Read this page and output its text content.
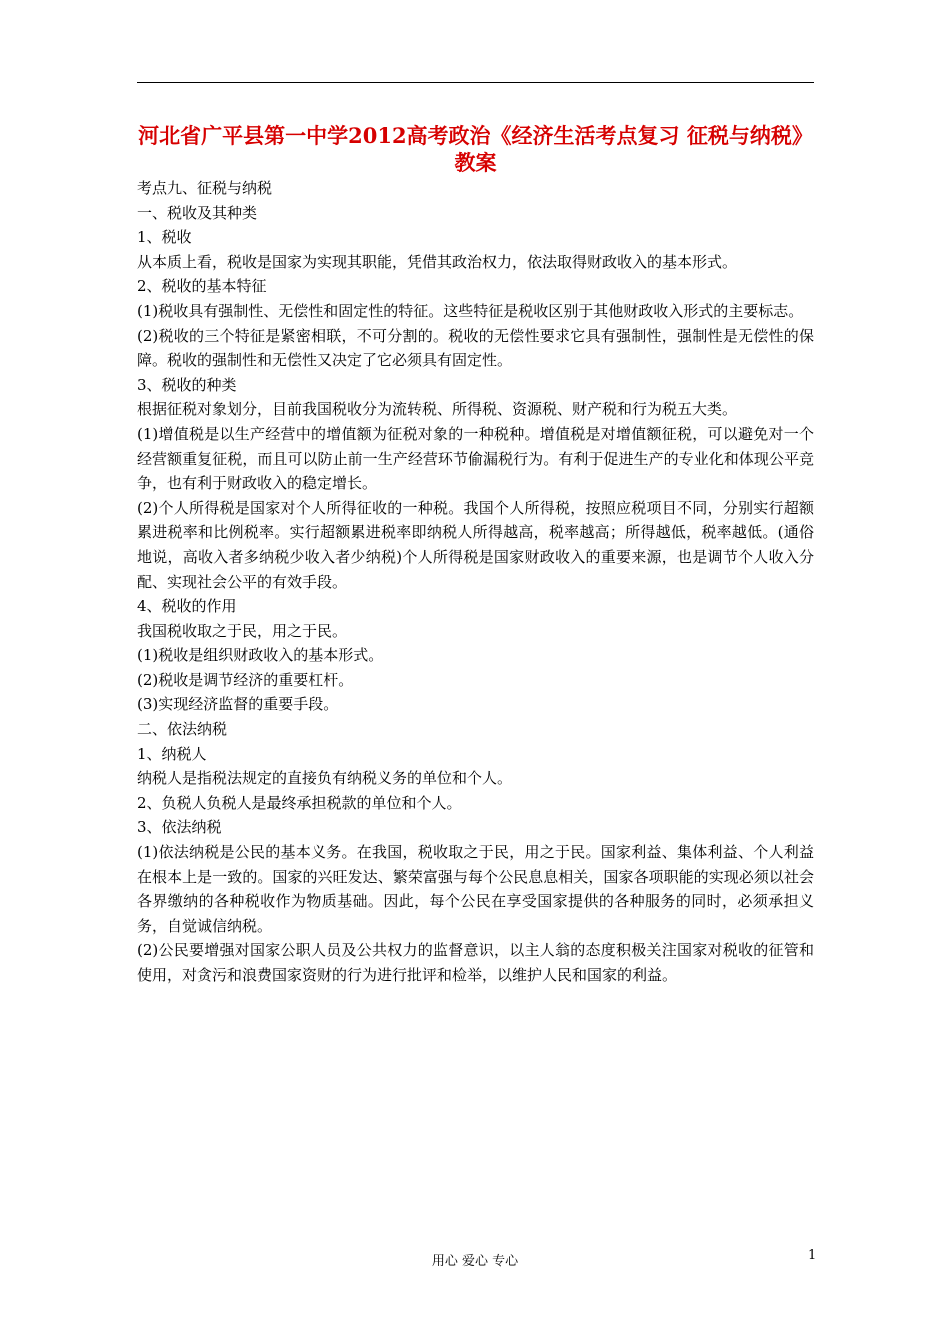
河北省广平县第一中学2012高考政治《经济生活考点复习 征税与纳税》教案

考点九、征税与纳税

一、税收及其种类

1、税收

从本质上看，税收是国家为实现其职能，凭借其政治权力，依法取得财政收入的基本形式。

2、税收的基本特征

(1)税收具有强制性、无偿性和固定性的特征。这些特征是税收区别于其他财政收入形式的主要标志。

(2)税收的三个特征是紧密相联，不可分割的。税收的无偿性要求它具有强制性，强制性是无偿性的保障。税收的强制性和无偿性又决定了它必须具有固定性。

3、税收的种类

根据征税对象划分，目前我国税收分为流转税、所得税、资源税、财产税和行为税五大类。

(1)增值税是以生产经营中的增值额为征税对象的一种税种。增值税是对增值额征税，可以避免对一个经营额重复征税，而且可以防止前一生产经营环节偷漏税行为。有利于促进生产的专业化和体现公平竞争，也有利于财政收入的稳定增长。

(2)个人所得税是国家对个人所得征收的一种税。我国个人所得税，按照应税项目不同，分别实行超额累进税率和比例税率。实行超额累进税率即纳税人所得越高，税率越高；所得越低，税率越低。(通俗地说，高收入者多纳税少收入者少纳税)个人所得税是国家财政收入的重要来源，也是调节个人收入分配、实现社会公平的有效手段。

4、税收的作用

我国税收取之于民，用之于民。

(1)税收是组织财政收入的基本形式。

(2)税收是调节经济的重要杠杆。

(3)实现经济监督的重要手段。

二、依法纳税

1、纳税人

纳税人是指税法规定的直接负有纳税义务的单位和个人。

2、负税人负税人是最终承担税款的单位和个人。

3、依法纳税

(1)依法纳税是公民的基本义务。在我国，税收取之于民，用之于民。国家利益、集体利益、个人利益在根本上是一致的。国家的兴旺发达、繁荣富强与每个公民息息相关，国家各项职能的实现必须以社会各界缴纳的各种税收作为物质基础。因此，每个公民在享受国家提供的各种服务的同时，必须承担义务，自觉诚信纳税。

(2)公民要增强对国家公职人员及公共权力的监督意识，以主人翁的态度积极关注国家对税收的征管和使用，对贪污和浪费国家资财的行为进行批评和检举，以维护人民和国家的利益。

用心 爱心 专心	1
